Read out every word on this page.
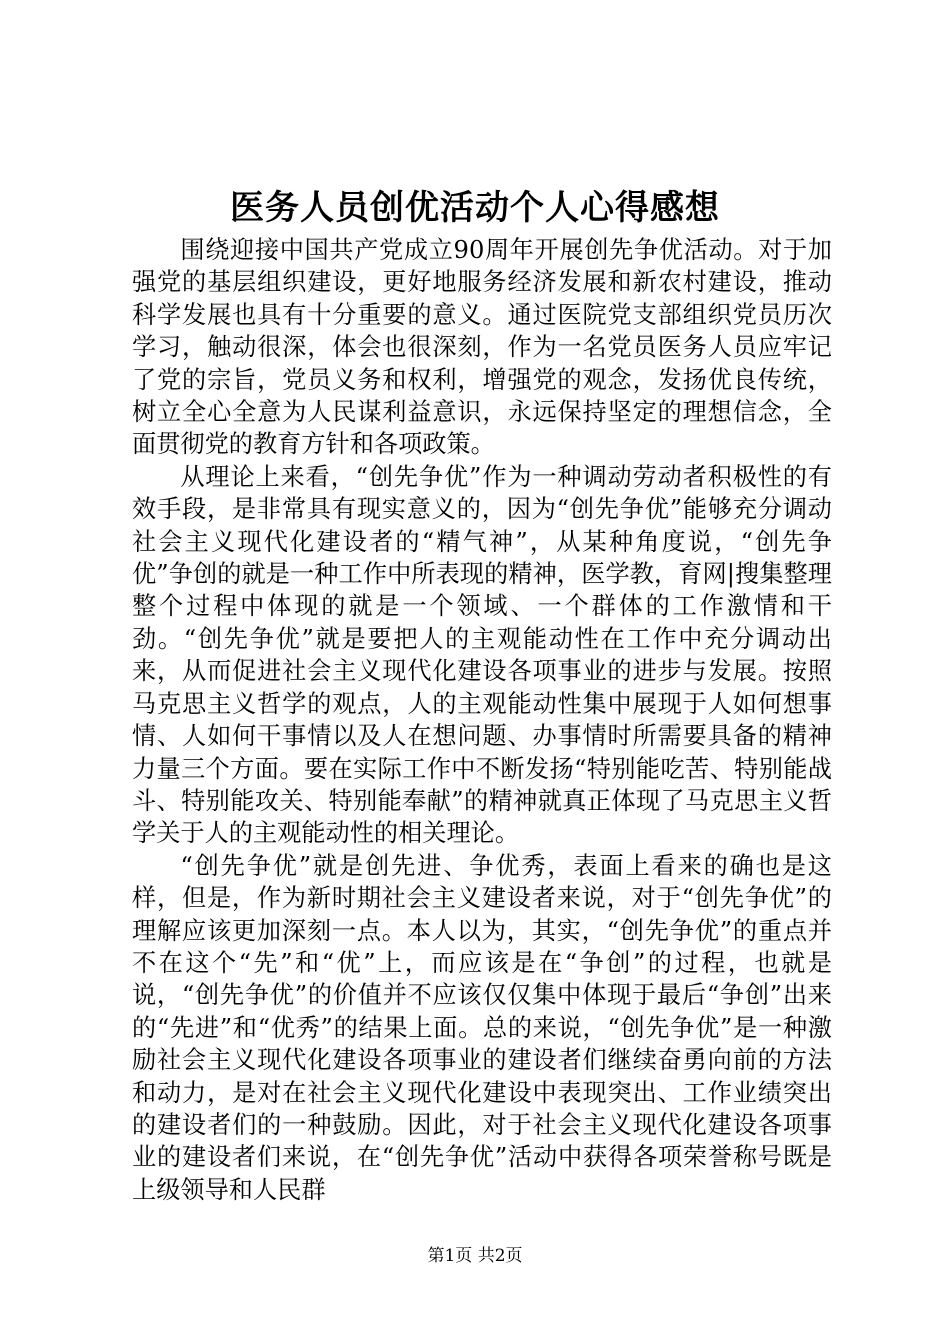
医务人员创优活动个人心得感想

围绕迎接中国共产党成立90周年开展创先争优活动。对于加强党的基层组织建设，更好地服务经济发展和新农村建设，推动科学发展也具有十分重要的意义。通过医院党支部组织党员历次学习，触动很深，体会也很深刻，作为一名党员医务人员应牢记了党的宗旨，党员义务和权利，增强党的观念，发扬优良传统，树立全心全意为人民谋利益意识，永远保持坚定的理想信念，全面贯彻党的教育方针和各项政策。

从理论上来看，“创先争优”作为一种调动劳动者积极性的有效手段，是非常具有现实意义的，因为“创先争优”能够充分调动社会主义现代化建设者的“精气神”，从某种角度说，“创先争优”争创的就是一种工作中所表现的精神，医学教，育网|搜集整理整个过程中体现的就是一个领域、一个群体的工作激情和干劲。“创先争优”就是要把人的主观能动性在工作中充分调动出来，从而促进社会主义现代化建设各项事业的进步与发展。按照马克思主义哲学的观点，人的主观能动性集中展现于人如何想事情、人如何干事情以及人在想问题、办事情时所需要具备的精神力量三个方面。要在实际工作中不断发扬“特别能吃苦、特别能战斗、特别能攻关、特别能奉献”的精神就真正体现了马克思主义哲学关于人的主观能动性的相关理论。

“创先争优”就是创先进、争优秀，表面上看来的确也是这样，但是，作为新时期社会主义建设者来说，对于“创先争优”的理解应该更加深刻一点。本人以为，其实，“创先争优”的重点并不在这个“先”和“优”上，而应该是在“争创”的过程，也就是说，“创先争优”的价值并不应该仅仅集中体现于最后“争创”出来的“先进”和“优秀”的结果上面。总的来说，“创先争优”是一种激励社会主义现代化建设各项事业的建设者们继续奋勇向前的方法和动力，是对在社会主义现代化建设中表现突出、工作业绩突出的建设者们的一种鼓励。因此，对于社会主义现代化建设各项事业的建设者们来说，在“创先争优”活动中获得各项荣誉称号既是上级领导和人民群

第1页 共2页
